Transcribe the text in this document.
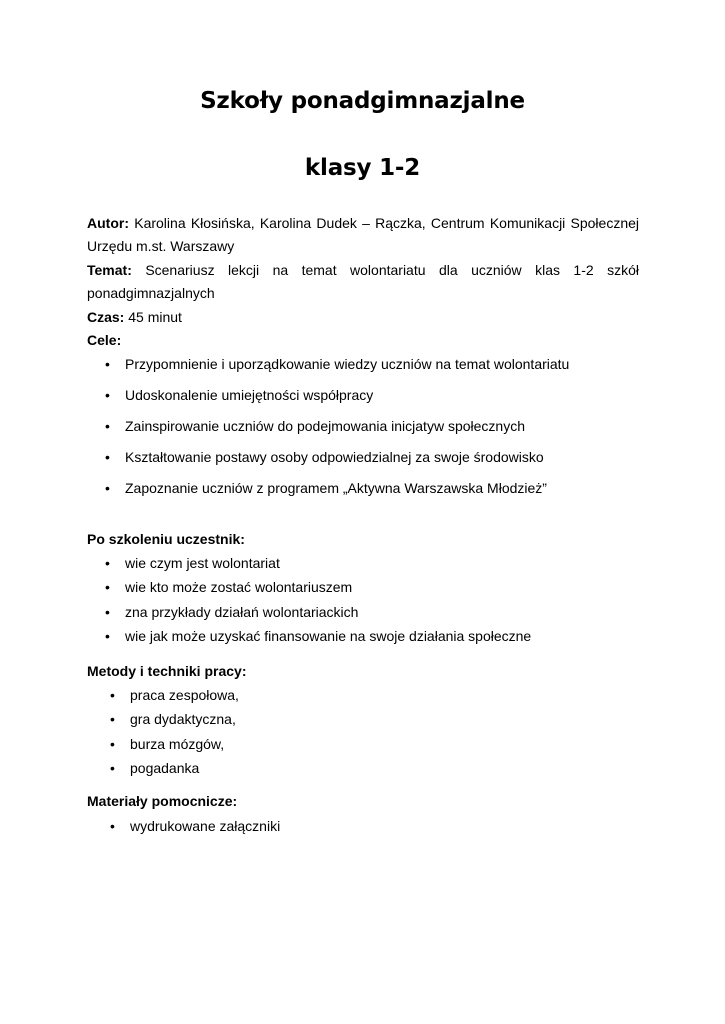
Szkoły ponadgimnazjalne
klasy 1-2
Autor: Karolina Kłosińska, Karolina Dudek – Rączka, Centrum Komunikacji Społecznej
Urzędu m.st. Warszawy
Temat: Scenariusz lekcji na temat wolontariatu dla uczniów klas 1-2 szkół
ponadgimnazjalnych
Czas: 45 minut
Cele:
• Przypomnienie i uporządkowanie wiedzy uczniów na temat wolontariatu
• Udoskonalenie umiejętności współpracy
• Zainspirowanie uczniów do podejmowania inicjatyw społecznych
• Kształtowanie postawy osoby odpowiedzialnej za swoje środowisko
• Zapoznanie uczniów z programem „Aktywna Warszawska Młodzież”
Po szkoleniu uczestnik:
• wie czym jest wolontariat
• wie kto może zostać wolontariuszem
• zna przykłady działań wolontariackich
• wie jak może uzyskać finansowanie na swoje działania społeczne
Metody i techniki pracy:
• praca zespołowa,
• gra dydaktyczna,
• burza mózgów,
• pogadanka
Materiały pomocnicze:
• wydrukowane załączniki
